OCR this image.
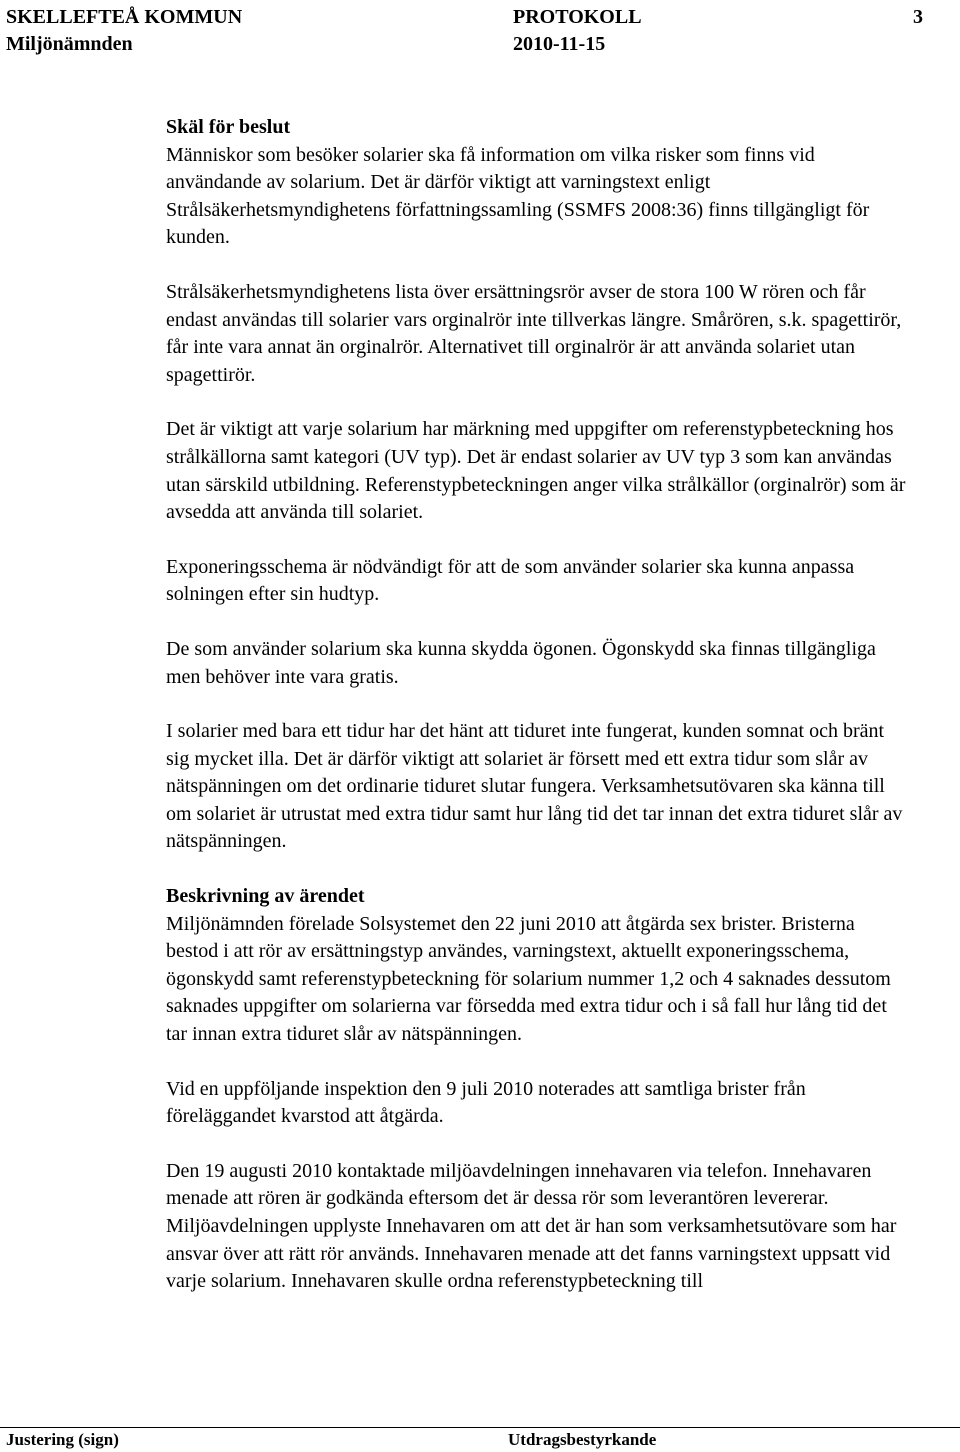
SKELLEFTEÅ KOMMUN
Miljönämnden
PROTOKOLL
2010-11-15
3
Skäl för beslut

Människor som besöker solarier ska få information om vilka risker som finns vid användande av solarium. Det är därför viktigt att varningstext enligt Strålsäkerhetsmyndighetens författningssamling (SSMFS 2008:36) finns tillgängligt för kunden.

Strålsäkerhetsmyndighetens lista över ersättningsrör avser de stora 100 W rören och får endast användas till solarier vars orginalrör inte tillverkas längre. Smårören, s.k. spagettirör, får inte vara annat än orginalrör. Alternativet till orginalrör är att använda solariet utan spagettirör.

Det är viktigt att varje solarium har märkning med uppgifter om referenstypbeteckning hos strålkällorna samt kategori (UV typ). Det är endast solarier av UV typ 3 som kan användas utan särskild utbildning. Referenstypbeteckningen anger vilka strålkällor (orginalrör) som är avsedda att använda till solariet.

Exponeringsschema är nödvändigt för att de som använder solarier ska kunna anpassa solningen efter sin hudtyp.

De som använder solarium ska kunna skydda ögonen. Ögonskydd ska finnas tillgängliga men behöver inte vara gratis.

I solarier med bara ett tidur har det hänt att tiduret inte fungerat, kunden somnat och bränt sig mycket illa. Det är därför viktigt att solariet är försett med ett extra tidur som slår av nätspänningen om det ordinarie tiduret slutar fungera. Verksamhetsutövaren ska känna till om solariet är utrustat med extra tidur samt hur lång tid det tar innan det extra tiduret slår av nätspänningen.

Beskrivning av ärendet

Miljönämnden förelade Solsystemet den 22 juni 2010 att åtgärda sex brister. Bristerna bestod i att rör av ersättningstyp användes, varningstext, aktuellt exponeringsschema, ögonskydd samt referenstypbeteckning för solarium nummer 1,2 och 4 saknades dessutom saknades uppgifter om solarierna var försedda med extra tidur och i så fall hur lång tid det tar innan extra tiduret slår av nätspänningen.

Vid en uppföljande inspektion den 9 juli 2010 noterades att samtliga brister från föreläggandet kvarstod att åtgärda.

Den 19 augusti 2010 kontaktade miljöavdelningen innehavaren via telefon. Innehavaren menade att rören är godkända eftersom det är dessa rör som leverantören levererar. Miljöavdelningen upplyste Innehavaren om att det är han som verksamhetsutövare som har ansvar över att rätt rör används. Innehavaren menade att det fanns varningstext uppsatt vid varje solarium. Innehavaren skulle ordna referenstypbeteckning till

Justering (sign)	Utdragsbestyrkande
